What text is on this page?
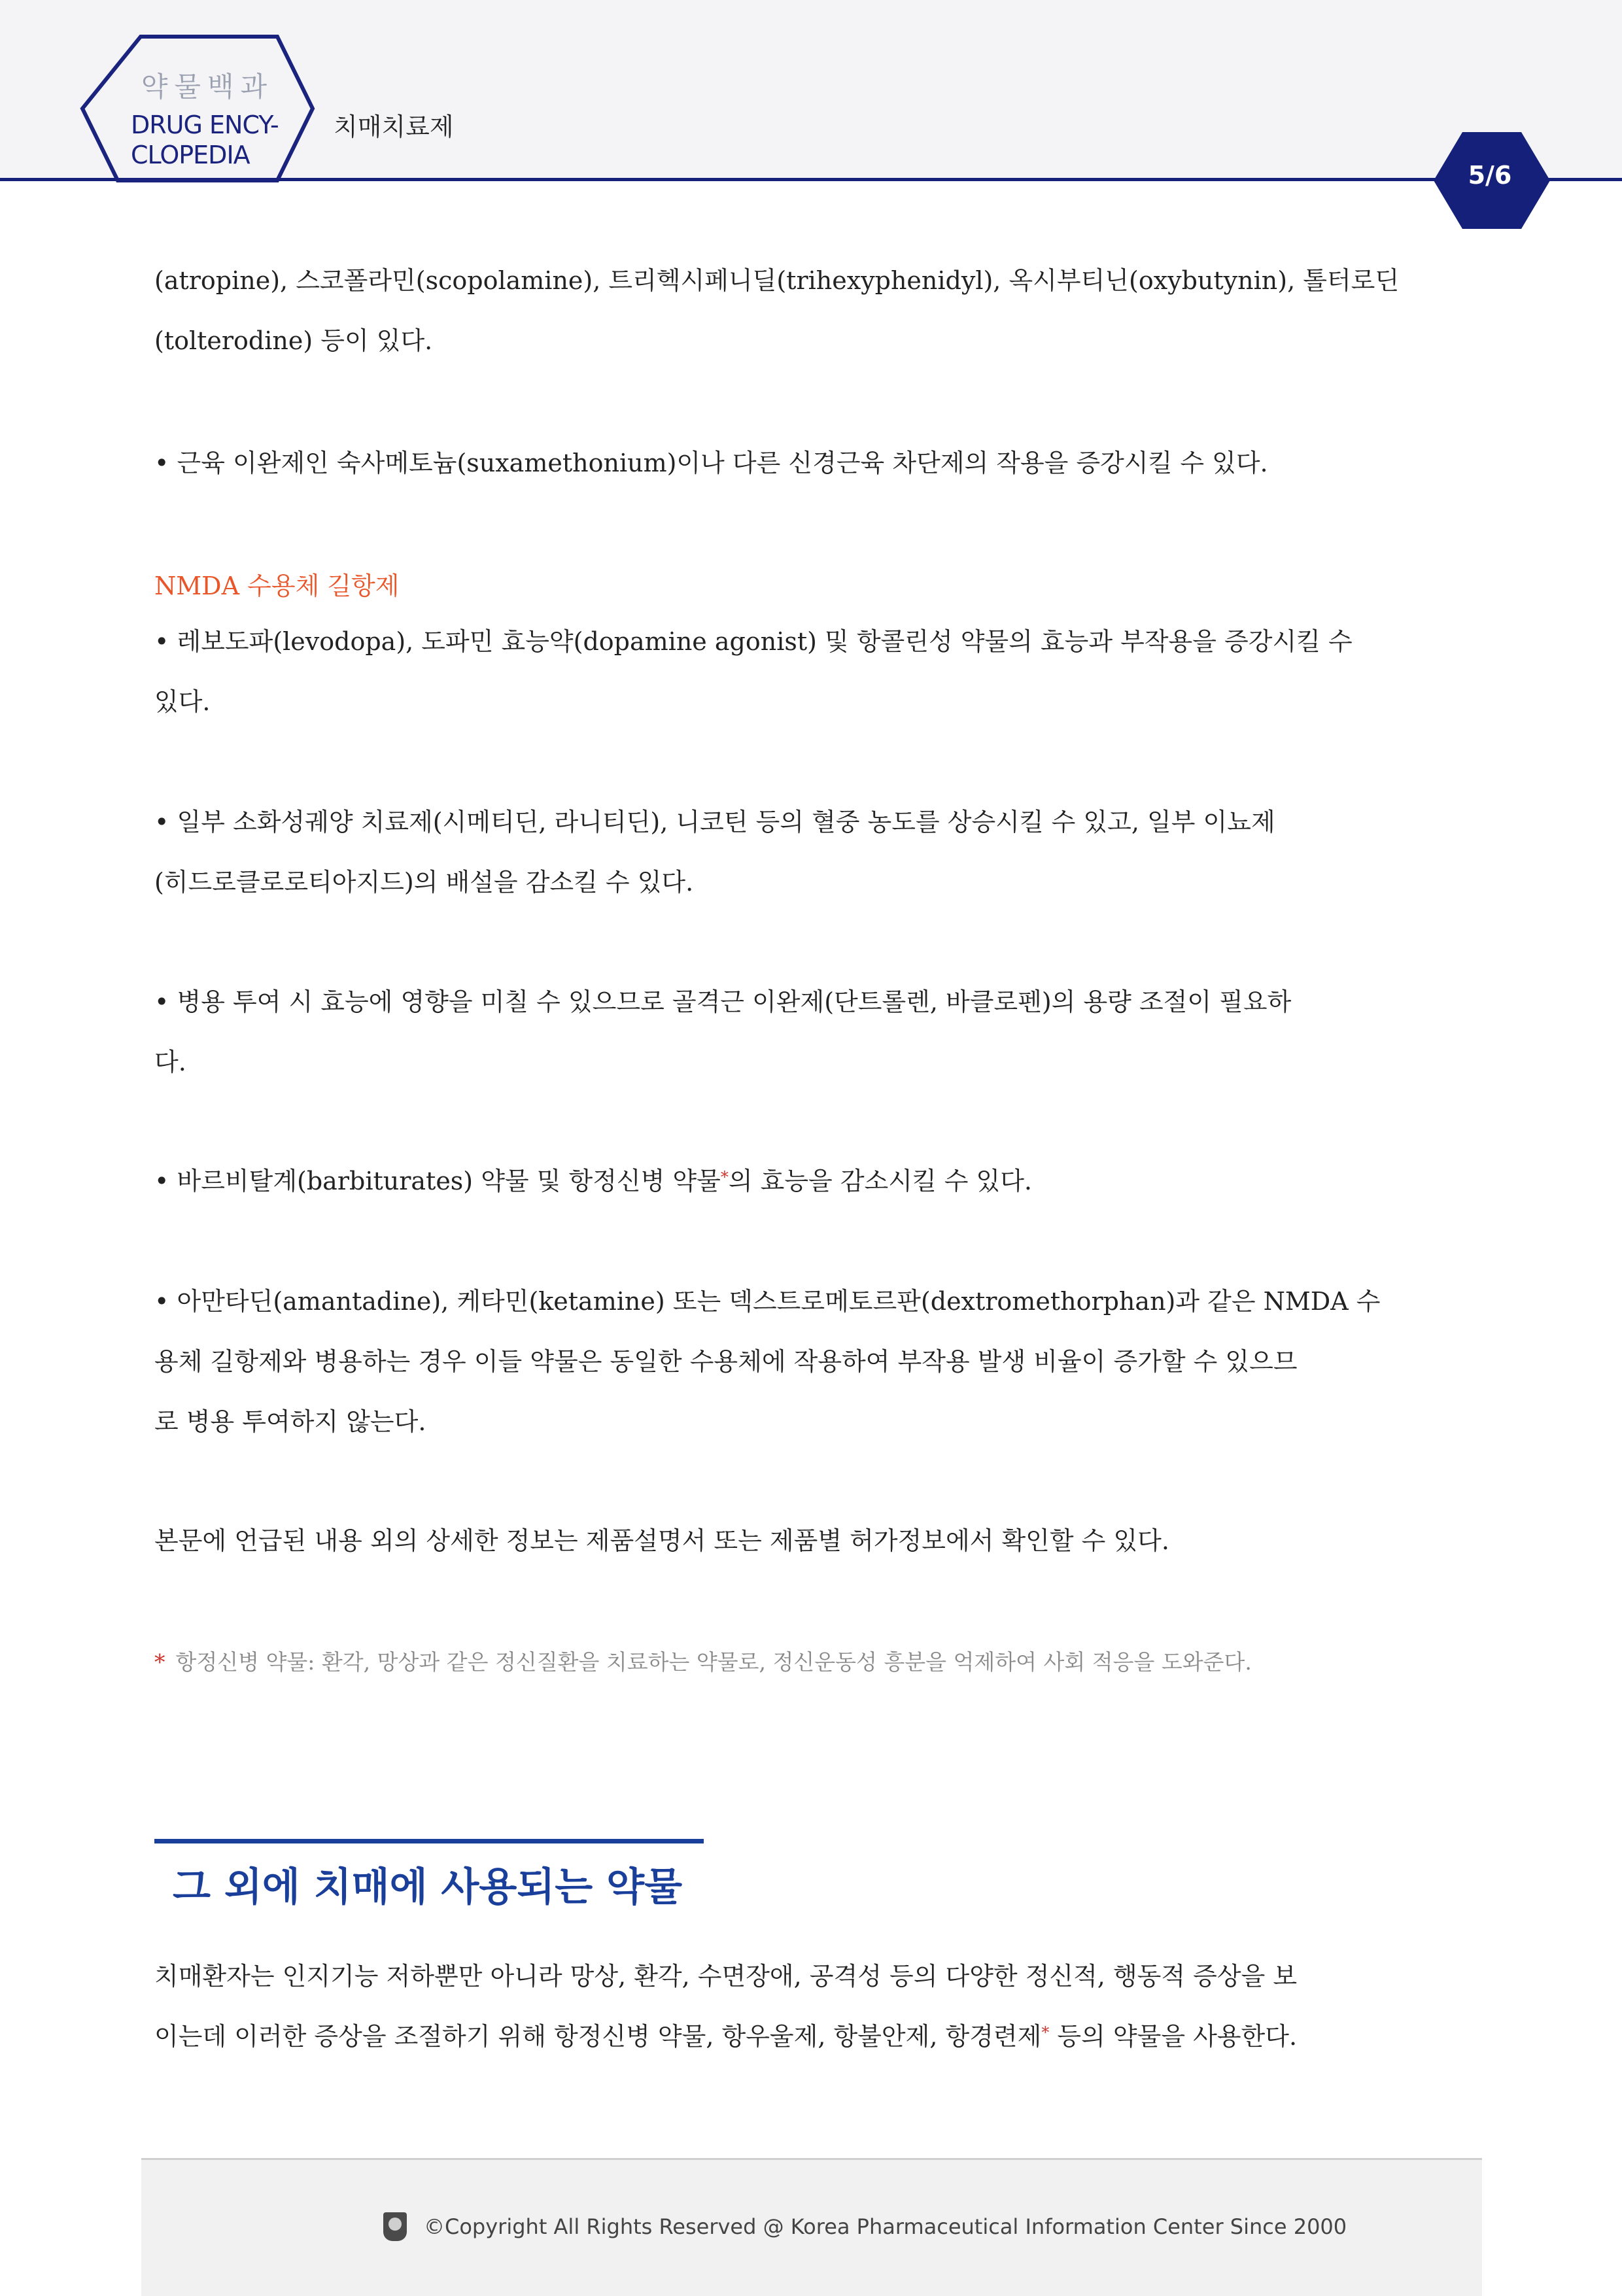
약물백과
DRUG ENCY-
CLOPEDIA
치매치료제
5/6
(atropine), 스코폴라민(scopolamine), 트리헥시페니딜(trihexyphenidyl), 옥시부티닌(oxybutynin), 톨터로딘
(tolterodine) 등이 있다.
• 근육 이완제인 숙사메토늄(suxamethonium)이나 다른 신경근육 차단제의 작용을 증강시킬 수 있다.
NMDA 수용체 길항제
• 레보도파(levodopa), 도파민 효능약(dopamine agonist) 및 항콜린성 약물의 효능과 부작용을 증강시킬 수
있다.
• 일부 소화성궤양 치료제(시메티딘, 라니티딘), 니코틴 등의 혈중 농도를 상승시킬 수 있고, 일부 이뇨제
(히드로클로로티아지드)의 배설을 감소킬 수 있다.
• 병용 투여 시 효능에 영향을 미칠 수 있으므로 골격근 이완제(단트롤렌, 바클로펜)의 용량 조절이 필요하
다.
• 바르비탈계(barbiturates) 약물 및 항정신병 약물*의 효능을 감소시킬 수 있다.
• 아만타딘(amantadine), 케타민(ketamine) 또는 덱스트로메토르판(dextromethorphan)과 같은 NMDA 수
용체 길항제와 병용하는 경우 이들 약물은 동일한 수용체에 작용하여 부작용 발생 비율이 증가할 수 있으므
로 병용 투여하지 않는다.
본문에 언급된 내용 외의 상세한 정보는 제품설명서 또는 제품별 허가정보에서 확인할 수 있다.
* 항정신병 약물: 환각, 망상과 같은 정신질환을 치료하는 약물로, 정신운동성 흥분을 억제하여 사회 적응을 도와준다.
그 외에 치매에 사용되는 약물
치매환자는 인지기능 저하뿐만 아니라 망상, 환각, 수면장애, 공격성 등의 다양한 정신적, 행동적 증상을 보
이는데 이러한 증상을 조절하기 위해 항정신병 약물, 항우울제, 항불안제, 항경련제* 등의 약물을 사용한다.
©Copyright All Rights Reserved @ Korea Pharmaceutical Information Center Since 2000
